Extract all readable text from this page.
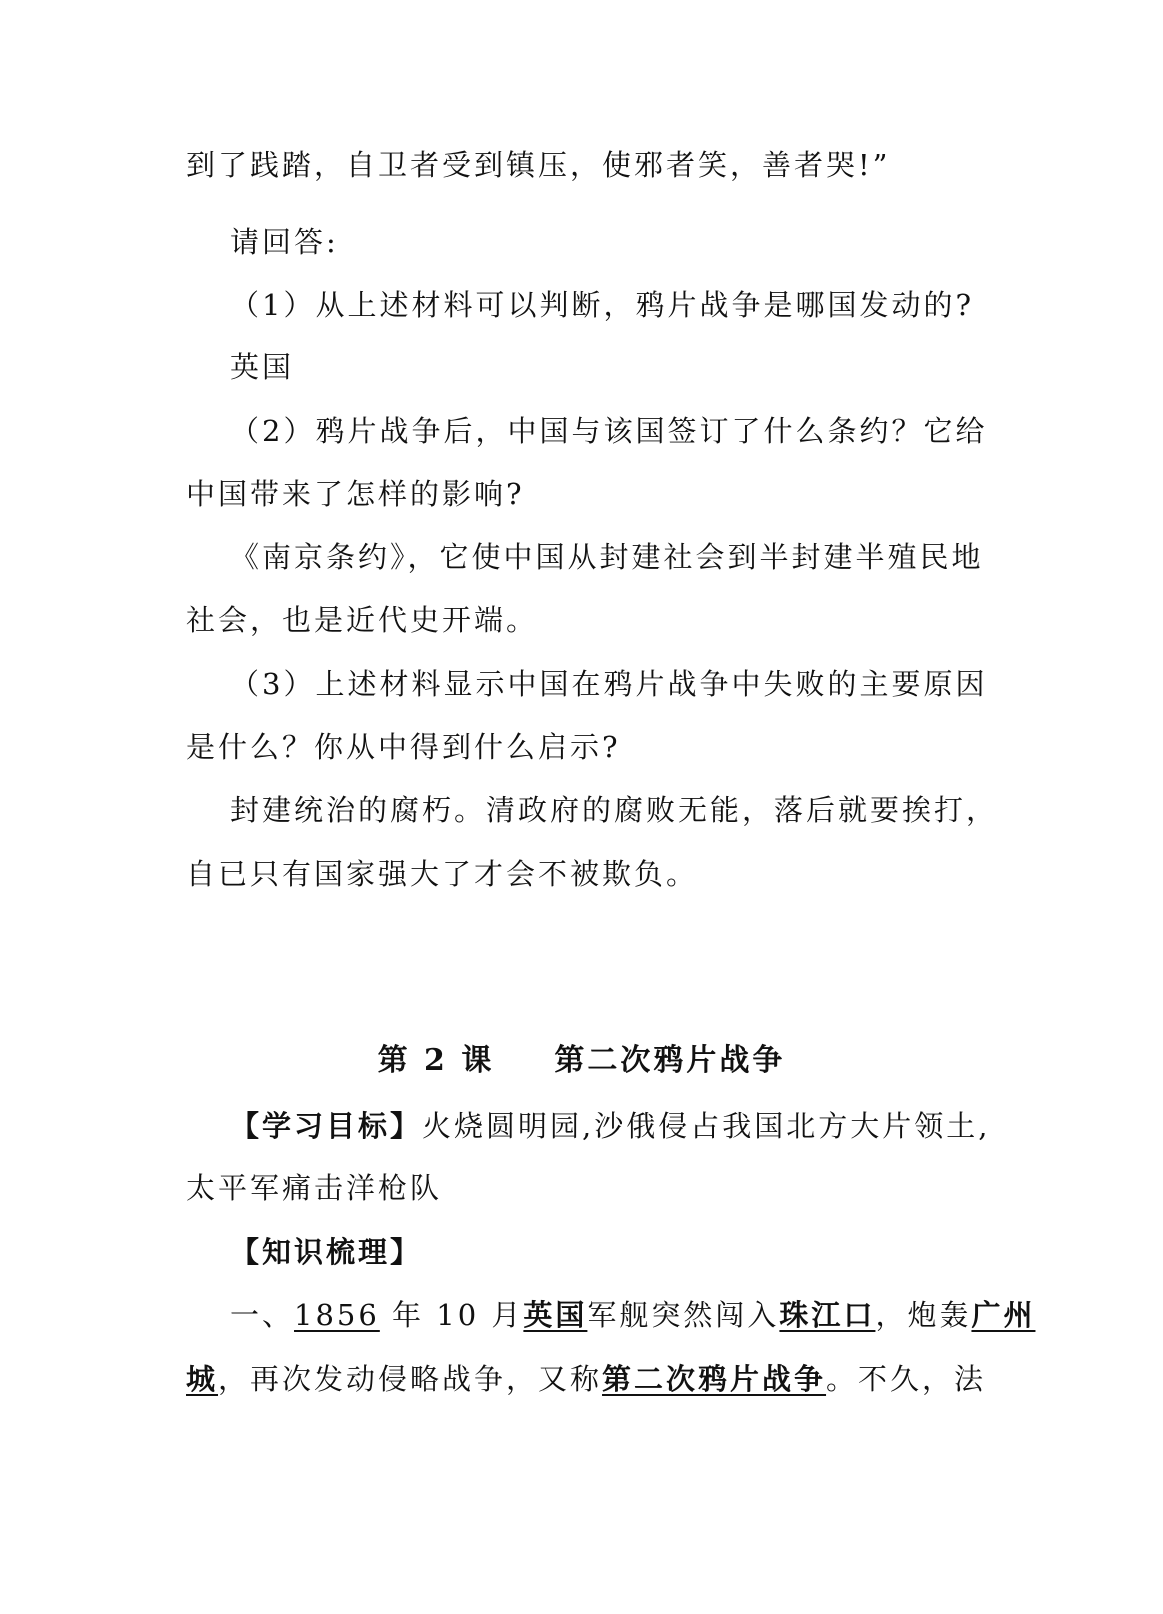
到了践踏，自卫者受到镇压，使邪者笑，善者哭!”
请回答:
（1）从上述材料可以判断，鸦片战争是哪国发动的?
英国
（2）鸦片战争后，中国与该国签订了什么条约？它给
中国带来了怎样的影响?
《南京条约》，它使中国从封建社会到半封建半殖民地
社会，也是近代史开端。
（3）上述材料显示中国在鸦片战争中失败的主要原因
是什么？你从中得到什么启示?
封建统治的腐朽。清政府的腐败无能，落后就要挨打，
自已只有国家强大了才会不被欺负。
第 2 课 第二次鸦片战争
【学习目标】火烧圆明园,沙俄侵占我国北方大片领土,
太平军痛击洋枪队
【知识梳理】
一、1856 年 10 月英国军舰突然闯入珠江口，炮轰广州
城，再次发动侵略战争，又称第二次鸦片战争。不久，法
